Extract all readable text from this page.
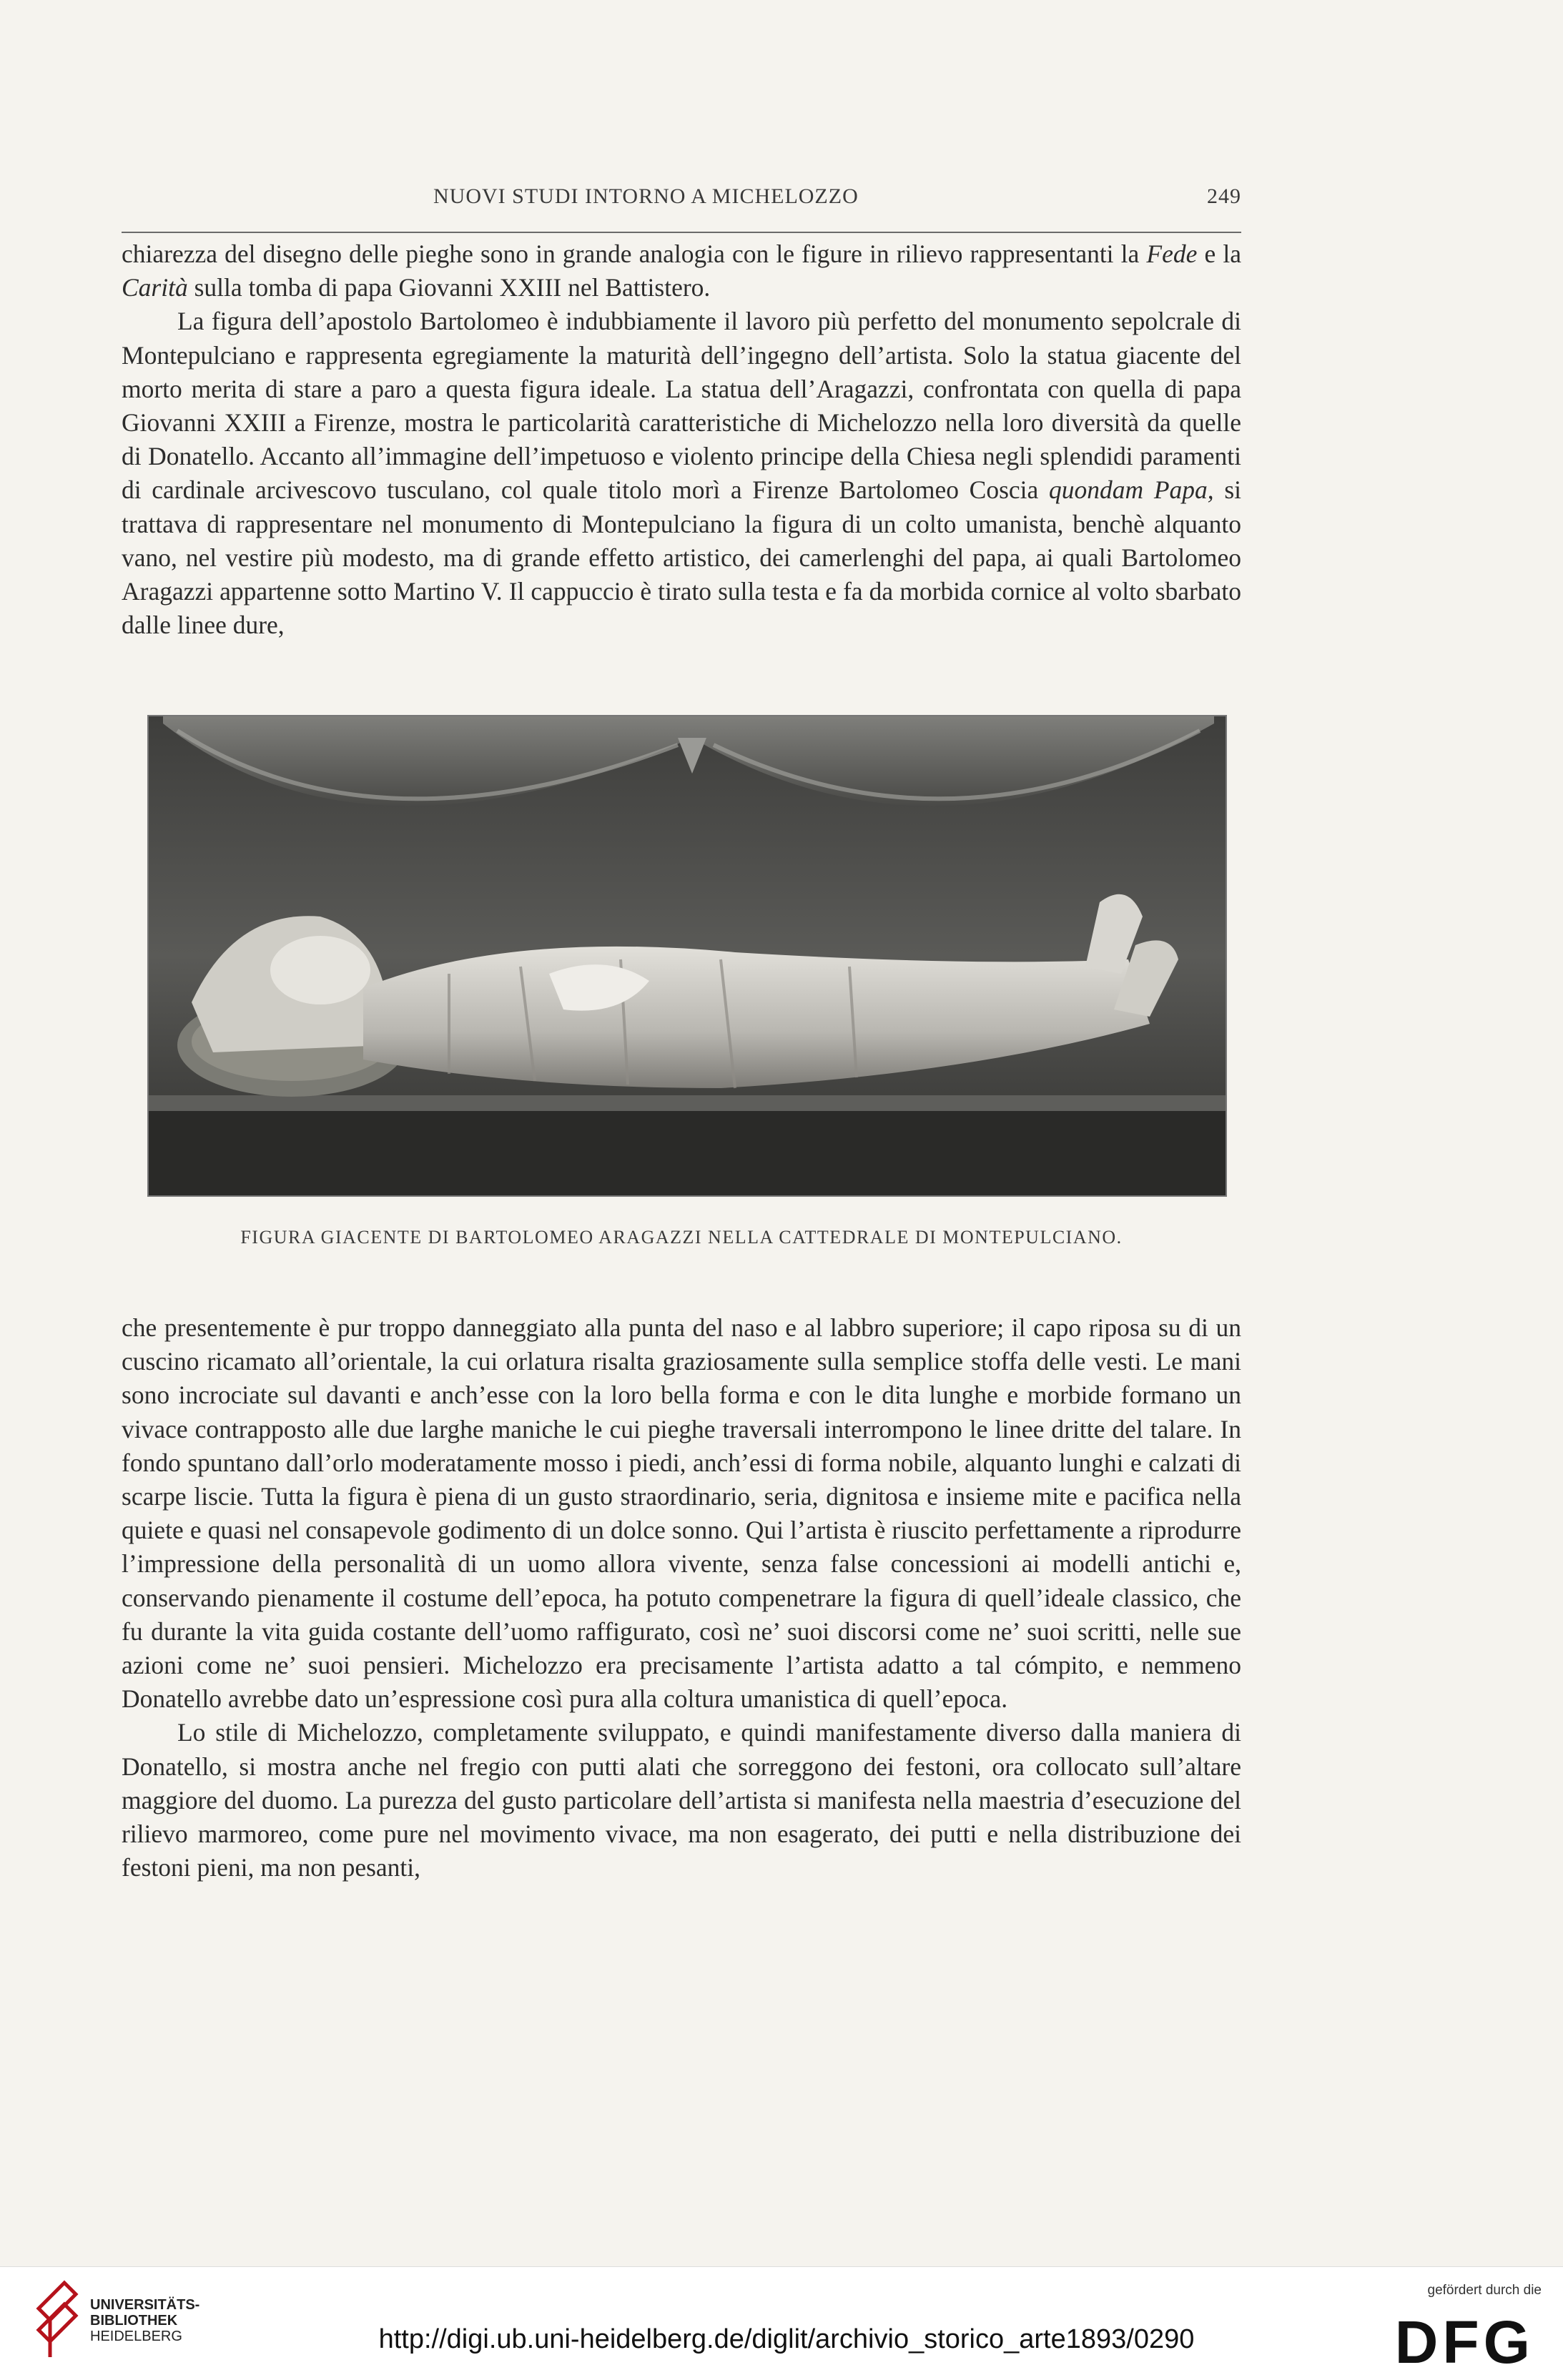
NUOVI STUDI INTORNO A MICHELOZZO	249

chiarezza del disegno delle pieghe sono in grande analogia con le figure in rilievo rappresentanti la Fede e la Carità sulla tomba di papa Giovanni XXIII nel Battistero.
La figura dell’apostolo Bartolomeo è indubbiamente il lavoro più perfetto del monumento sepolcrale di Montepulciano e rappresenta egregiamente la maturità dell’ingegno dell’artista. Solo la statua giacente del morto merita di stare a paro a questa figura ideale. La statua dell’Aragazzi, confrontata con quella di papa Giovanni XXIII a Firenze, mostra le particolarità caratteristiche di Michelozzo nella loro diversità da quelle di Donatello. Accanto all’immagine dell’impetuoso e violento principe della Chiesa negli splendidi paramenti di cardinale arcivescovo tusculano, col quale titolo morì a Firenze Bartolomeo Coscia quondam Papa, si trattava di rappresentare nel monumento di Montepulciano la figura di un colto umanista, benchè alquanto vano, nel vestire più modesto, ma di grande effetto artistico, dei camerlenghi del papa, ai quali Bartolomeo Aragazzi appartenne sotto Martino V. Il cappuccio è tirato sulla testa e fa da morbida cornice al volto sbarbato dalle linee dure,

FIGURA GIACENTE DI BARTOLOMEO ARAGAZZI NELLA CATTEDRALE DI MONTEPULCIANO.

che presentemente è pur troppo danneggiato alla punta del naso e al labbro superiore; il capo riposa su di un cuscino ricamato all’orientale, la cui orlatura risalta graziosamente sulla semplice stoffa delle vesti. Le mani sono incrociate sul davanti e anch’esse con la loro bella forma e con le dita lunghe e morbide formano un vivace contrapposto alle due larghe maniche le cui pieghe traversali interrompono le linee dritte del talare. In fondo spuntano dall’orlo moderatamente mosso i piedi, anch’essi di forma nobile, alquanto lunghi e calzati di scarpe liscie. Tutta la figura è piena di un gusto straordinario, seria, dignitosa e insieme mite e pacifica nella quiete e quasi nel consapevole godimento di un dolce sonno. Qui l’artista è riuscito perfettamente a riprodurre l’impressione della personalità di un uomo allora vivente, senza false concessioni ai modelli antichi e, conservando pienamente il costume dell’epoca, ha potuto compenetrare la figura di quell’ideale classico, che fu durante la vita guida costante dell’uomo raffigurato, così ne’ suoi discorsi come ne’ suoi scritti, nelle sue azioni come ne’ suoi pensieri. Michelozzo era precisamente l’artista adatto a tal cómpito, e nemmeno Donatello avrebbe dato un’espressione così pura alla coltura umanistica di quell’epoca.
Lo stile di Michelozzo, completamente sviluppato, e quindi manifestamente diverso dalla maniera di Donatello, si mostra anche nel fregio con putti alati che sorreggono dei festoni, ora collocato sull’altare maggiore del duomo. La purezza del gusto particolare dell’artista si manifesta nella maestria d’esecuzione del rilievo marmoreo, come pure nel movimento vivace, ma non esagerato, dei putti e nella distribuzione dei festoni pieni, ma non pesanti,

UNIVERSITÄTS-
BIBLIOTHEK
HEIDELBERG	http://digi.ub.uni-heidelberg.de/diglit/archivio_storico_arte1893/0290
gefördert durch die
DFG
